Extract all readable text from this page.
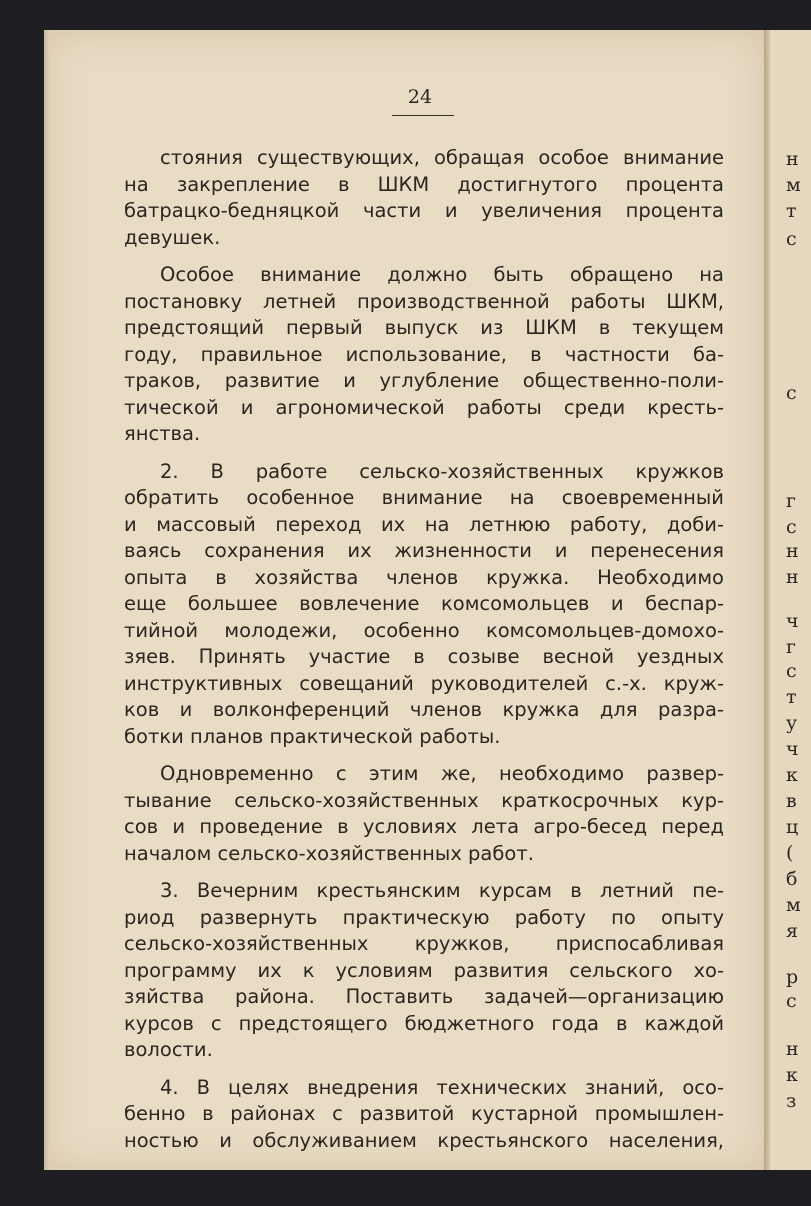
24
стояния существующих, обращая особое внимание
на закрепление в ШКМ достигнутого процента
батрацко-бедняцкой части и увеличения процента
девушек.
Особое внимание должно быть обращено на
постановку летней производственной работы ШКМ,
предстоящий первый выпуск из ШКМ в текущем
году, правильное использование, в частности ба-
траков, развитие и углубление общественно-поли-
тической и агрономической работы среди кресть-
янства.
2. В работе сельско-хозяйственных кружков
обратить особенное внимание на своевременный
и массовый переход их на летнюю работу, доби-
ваясь сохранения их жизненности и перенесения
опыта в хозяйства членов кружка. Необходимо
еще большее вовлечение комсомольцев и беспар-
тийной молодежи, особенно комсомольцев-домохо-
зяев. Принять участие в созыве весной уездных
инструктивных совещаний руководителей с.-х. круж-
ков и волконференций членов кружка для разра-
ботки планов практической работы.
Одновременно с этим же, необходимо развер-
тывание сельско-хозяйственных краткосрочных кур-
сов и проведение в условиях лета агро-бесед перед
началом сельско-хозяйственных работ.
3. Вечерним крестьянским курсам в летний пе-
риод развернуть практическую работу по опыту
сельско-хозяйственных кружков, приспосабливая
программу их к условиям развития сельского хо-
зяйства района. Поставить задачей—организацию
курсов с предстоящего бюджетного года в каждой
волости.
4. В целях внедрения технических знаний, осо-
бенно в районах с развитой кустарной промышлен-
ностью и обслуживанием крестьянского населения,
н
м
т
с
с
г
с
н
н
ч
г
с
т
у
ч
к
в
ц
(
б
м
я
р
с
н
к
з
